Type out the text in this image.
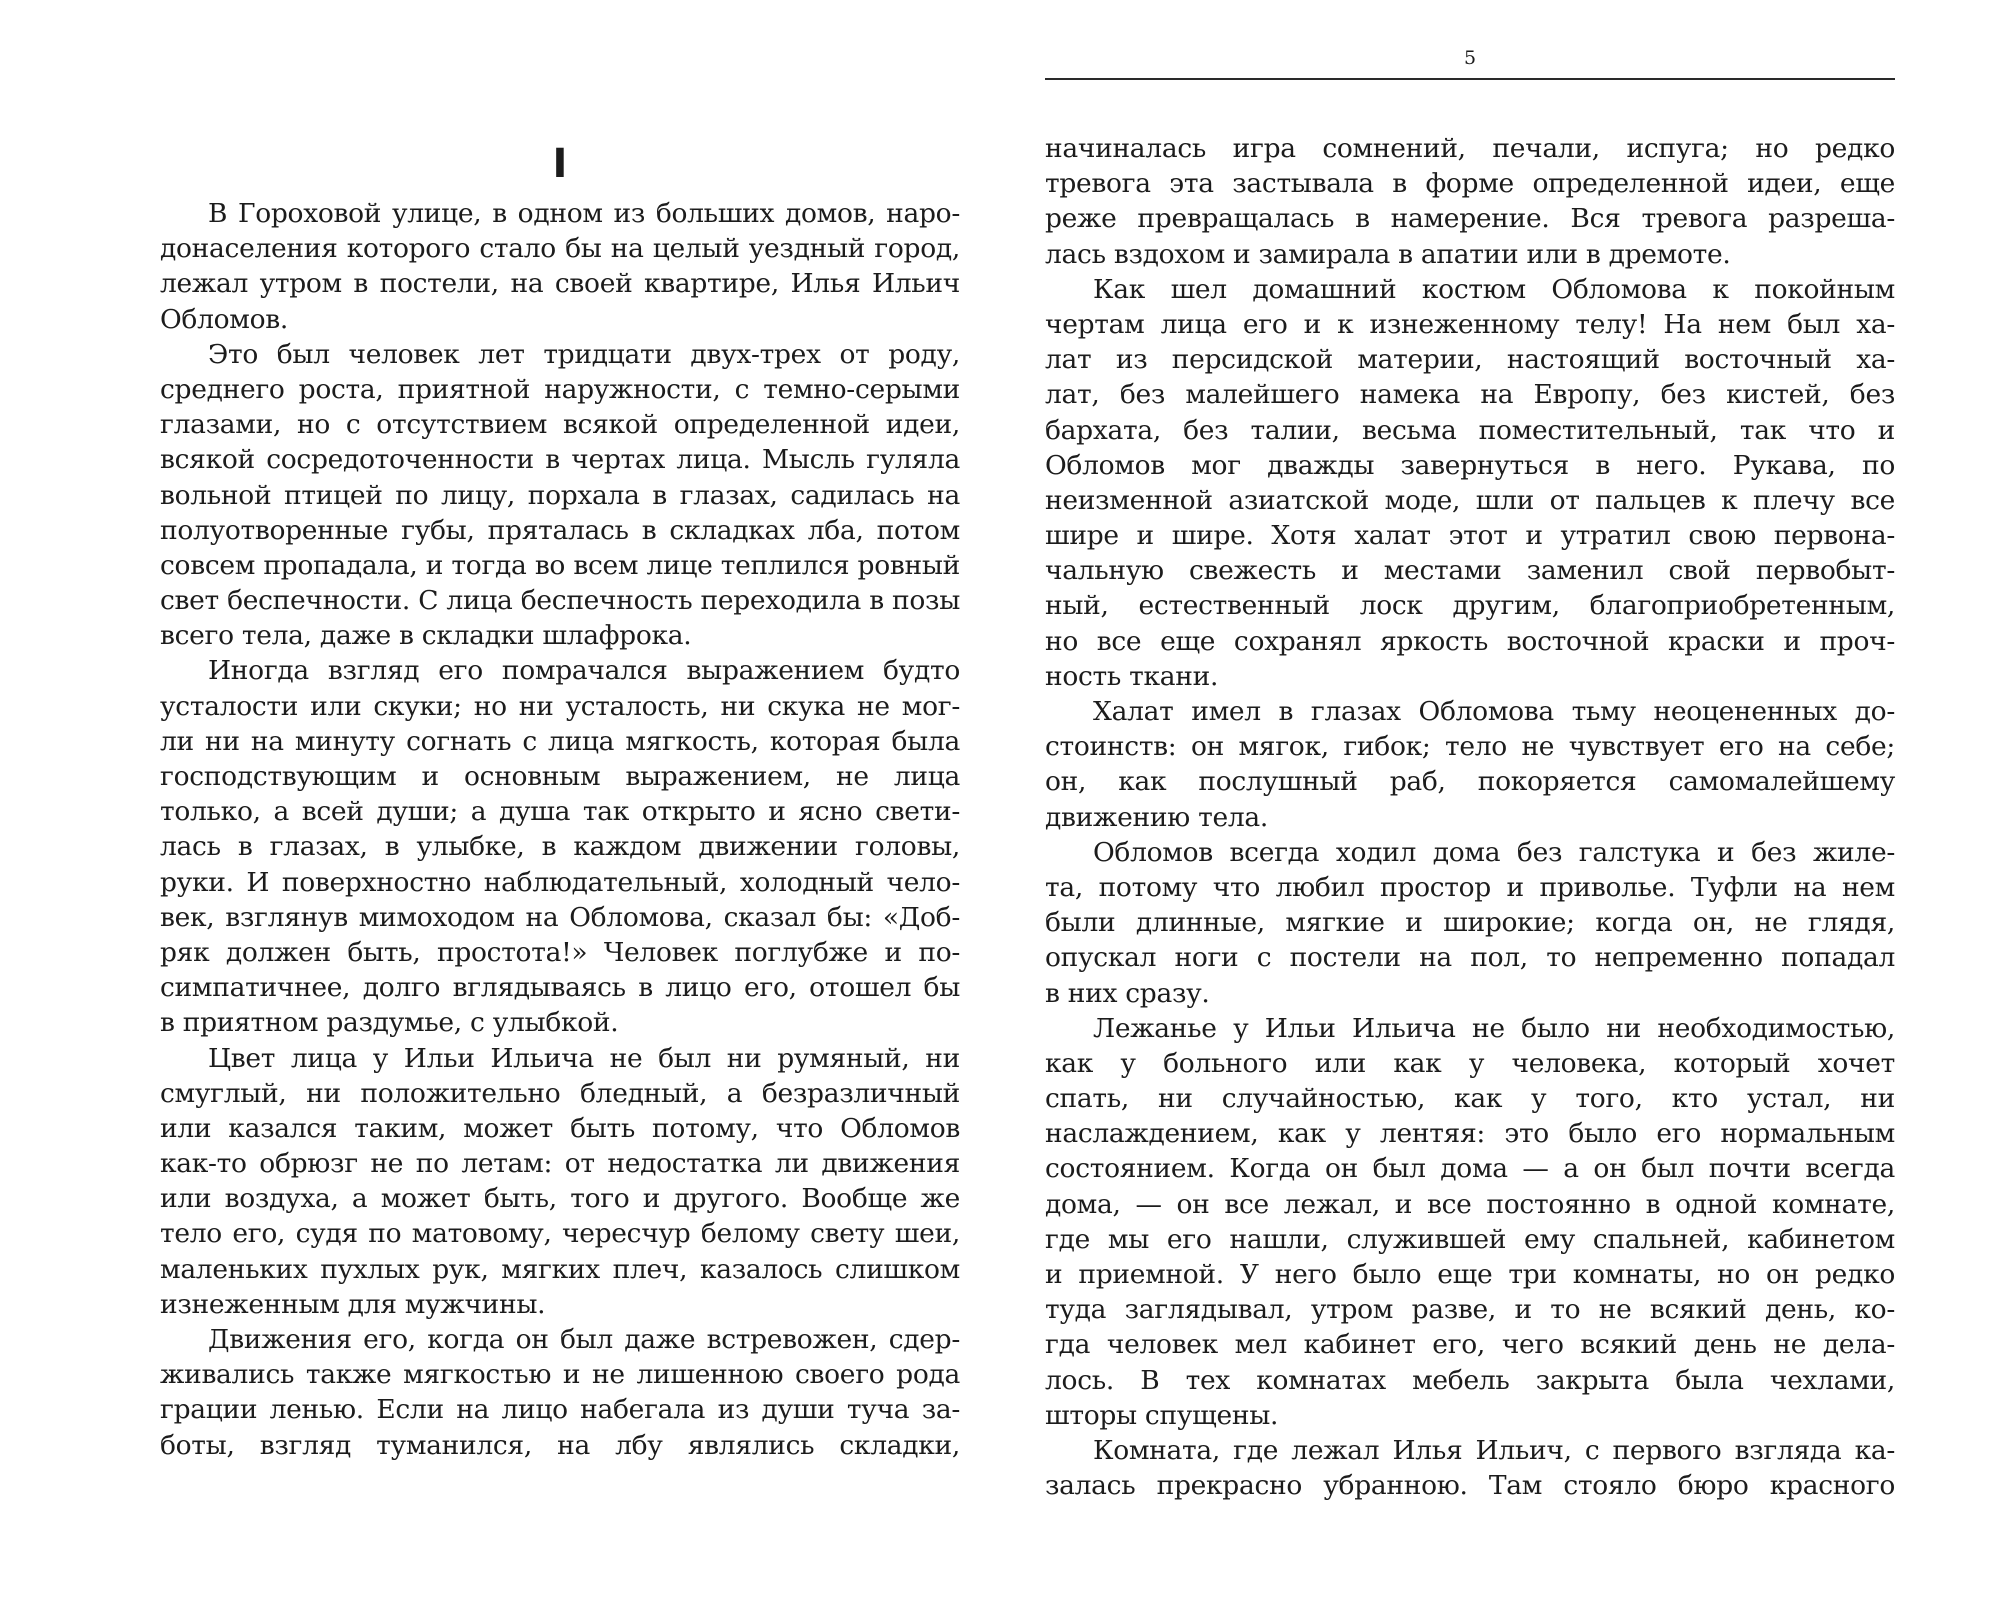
I
В Гороховой улице, в одном из больших домов, наро-
донаселения которого стало бы на целый уездный город,
лежал утром в постели, на своей квартире, Илья Ильич
Обломов.
Это был человек лет тридцати двух-трех от роду,
среднего роста, приятной наружности, с темно-серыми
глазами, но с отсутствием всякой определенной идеи,
всякой сосредоточенности в чертах лица. Мысль гуляла
вольной птицей по лицу, порхала в глазах, садилась на
полуотворенные губы, пряталась в складках лба, потом
совсем пропадала, и тогда во всем лице теплился ровный
свет беспечности. С лица беспечность переходила в позы
всего тела, даже в складки шлафрока.
Иногда взгляд его помрачался выражением будто
усталости или скуки; но ни усталость, ни скука не мог-
ли ни на минуту согнать с лица мягкость, которая была
господствующим и основным выражением, не лица
только, а всей души; а душа так открыто и ясно свети-
лась в глазах, в улыбке, в каждом движении головы,
руки. И поверхностно наблюдательный, холодный чело-
век, взглянув мимоходом на Обломова, сказал бы: «Доб-
ряк должен быть, простота!» Человек поглубже и по-
симпатичнее, долго вглядываясь в лицо его, отошел бы
в приятном раздумье, с улыбкой.
Цвет лица у Ильи Ильича не был ни румяный, ни
смуглый, ни положительно бледный, а безразличный
или казался таким, может быть потому, что Обломов
как-то обрюзг не по летам: от недостатка ли движения
или воздуха, а может быть, того и другого. Вообще же
тело его, судя по матовому, чересчур белому свету шеи,
маленьких пухлых рук, мягких плеч, казалось слишком
изнеженным для мужчины.
Движения его, когда он был даже встревожен, сдер-
живались также мягкостью и не лишенною своего рода
грации ленью. Если на лицо набегала из души туча за-
боты, взгляд туманился, на лбу являлись складки,
5
начиналась игра сомнений, печали, испуга; но редко
тревога эта застывала в форме определенной идеи, еще
реже превращалась в намерение. Вся тревога разреша-
лась вздохом и замирала в апатии или в дремоте.
Как шел домашний костюм Обломова к покойным
чертам лица его и к изнеженному телу! На нем был ха-
лат из персидской материи, настоящий восточный ха-
лат, без малейшего намека на Европу, без кистей, без
бархата, без талии, весьма поместительный, так что и
Обломов мог дважды завернуться в него. Рукава, по
неизменной азиатской моде, шли от пальцев к плечу все
шире и шире. Хотя халат этот и утратил свою первона-
чальную свежесть и местами заменил свой первобыт-
ный, естественный лоск другим, благоприобретенным,
но все еще сохранял яркость восточной краски и проч-
ность ткани.
Халат имел в глазах Обломова тьму неоцененных до-
стоинств: он мягок, гибок; тело не чувствует его на себе;
он, как послушный раб, покоряется самомалейшему
движению тела.
Обломов всегда ходил дома без галстука и без жиле-
та, потому что любил простор и приволье. Туфли на нем
были длинные, мягкие и широкие; когда он, не глядя,
опускал ноги с постели на пол, то непременно попадал
в них сразу.
Лежанье у Ильи Ильича не было ни необходимостью,
как у больного или как у человека, который хочет
спать, ни случайностью, как у того, кто устал, ни
наслаждением, как у лентяя: это было его нормальным
состоянием. Когда он был дома — а он был почти всегда
дома, — он все лежал, и все постоянно в одной комнате,
где мы его нашли, служившей ему спальней, кабинетом
и приемной. У него было еще три комнаты, но он редко
туда заглядывал, утром разве, и то не всякий день, ко-
гда человек мел кабинет его, чего всякий день не дела-
лось. В тех комнатах мебель закрыта была чехлами,
шторы спущены.
Комната, где лежал Илья Ильич, с первого взгляда ка-
залась прекрасно убранною. Там стояло бюро красного
